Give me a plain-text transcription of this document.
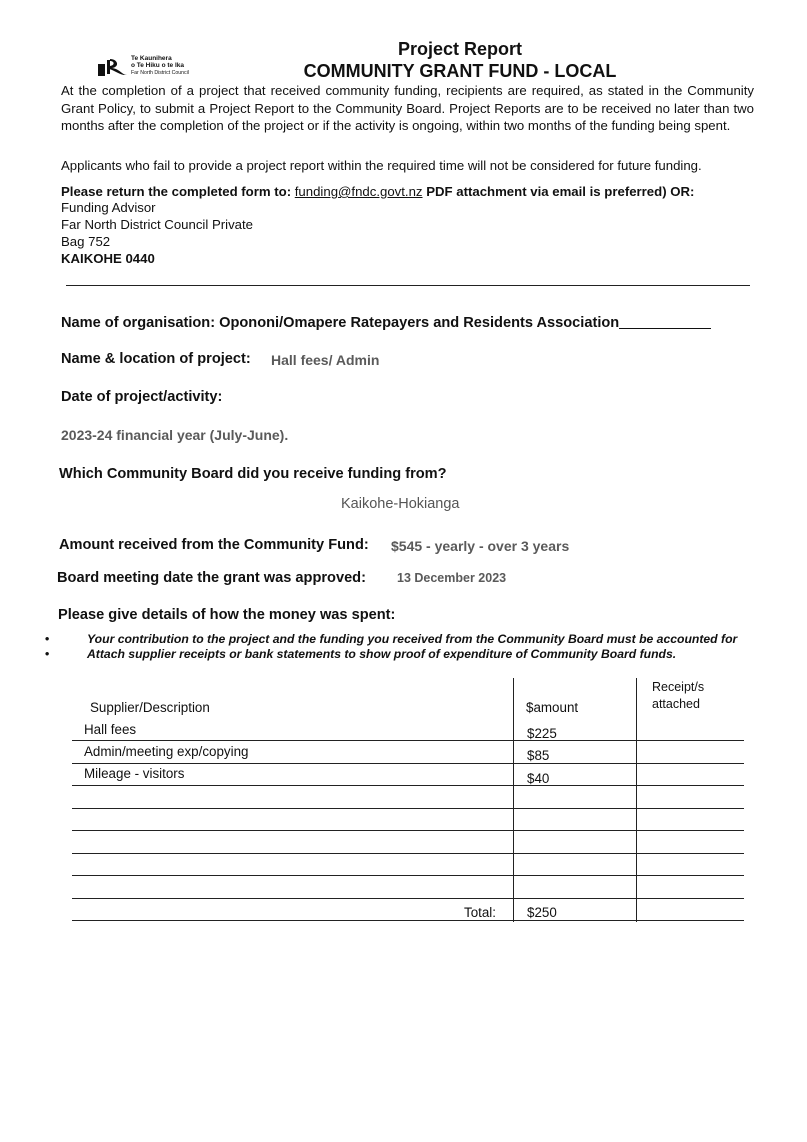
Te Kaunihera
o Te Hiku o te Ika
Far North District Council
Project Report
COMMUNITY GRANT FUND - LOCAL
At the completion of a project that received community funding, recipients are required, as stated in the Community Grant Policy, to submit a Project Report to the Community Board. Project Reports are to be received no later than two months after the completion of the project or if the activity is ongoing, within two months of the funding being spent.
Applicants who fail to provide a project report within the required time will not be considered for future funding.
Please return the completed form to: funding@fndc.govt.nz PDF attachment via email is preferred) OR:
Funding Advisor
Far North District Council Private
Bag 752
KAIKOHE 0440
Name of organisation: Opononi/Omapere Ratepayers and Residents Association
Name & location of project: Hall fees/ Admin
Date of project/activity:
2023-24 financial year (July-June).
Which Community Board did you receive funding from?
Kaikohe-Hokianga
Amount received from the Community Fund: $545 - yearly - over 3 years
Board meeting date the grant was approved: 13 December 2023
Please give details of how the money was spent:
•	Your contribution to the project and the funding you received from the Community Board must be accounted for
•	Attach supplier receipts or bank statements to show proof of expenditure of Community Board funds.
Supplier/Description	$amount
Receipt/s
attached
Hall fees	$225
Admin/meeting exp/copying	$85
Mileage - visitors	$40
Total: $250
